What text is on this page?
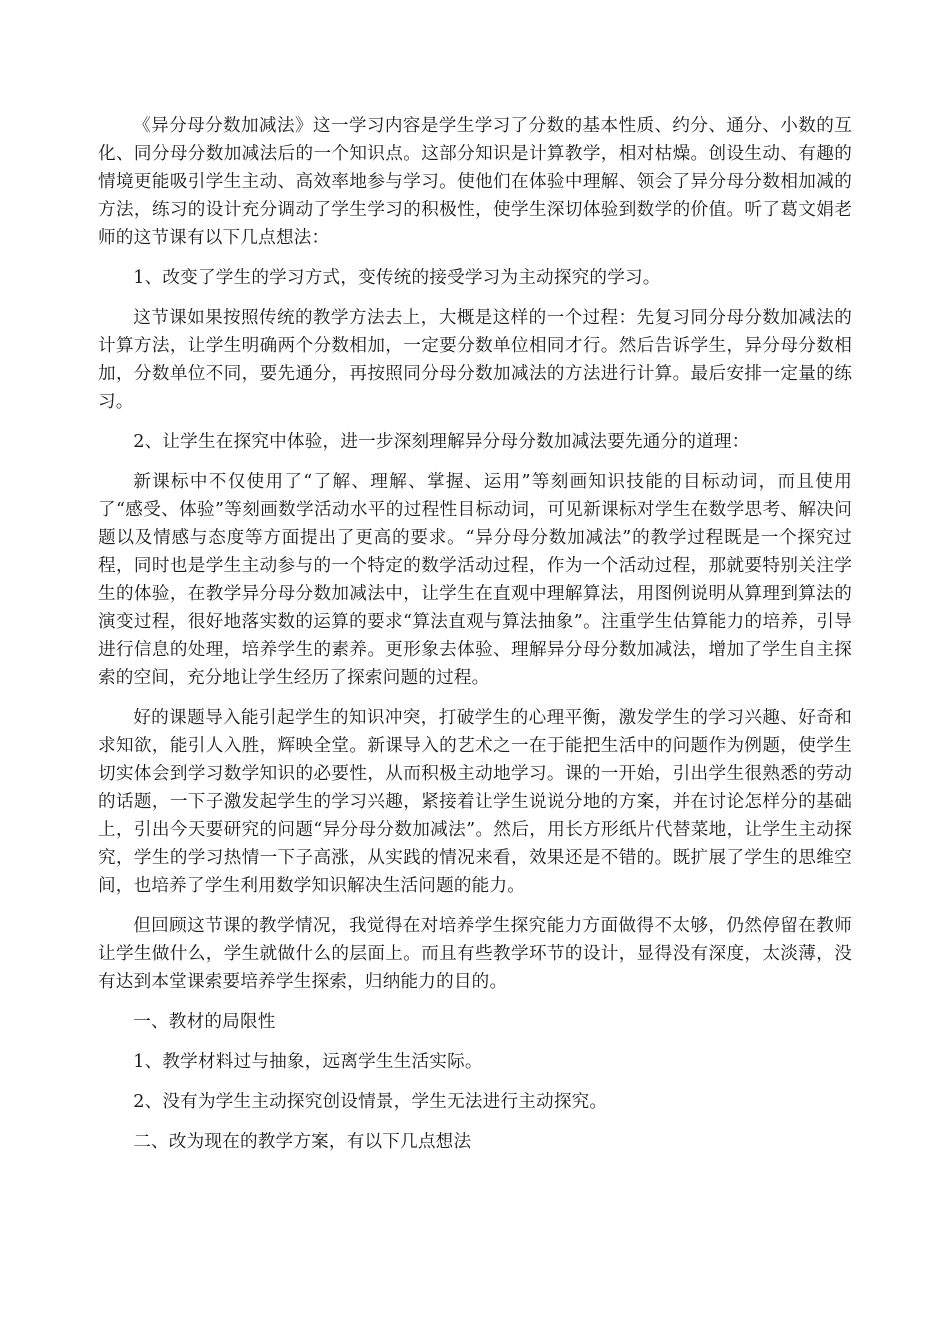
《异分母分数加减法》这一学习内容是学生学习了分数的基本性质、约分、通分、小数的互化、同分母分数加减法后的一个知识点。这部分知识是计算教学，相对枯燥。创设生动、有趣的情境更能吸引学生主动、高效率地参与学习。使他们在体验中理解、领会了异分母分数相加减的方法，练习的设计充分调动了学生学习的积极性，使学生深切体验到数学的价值。听了葛文娟老师的这节课有以下几点想法：

1、改变了学生的学习方式，变传统的接受学习为主动探究的学习。

这节课如果按照传统的教学方法去上，大概是这样的一个过程：先复习同分母分数加减法的计算方法，让学生明确两个分数相加，一定要分数单位相同才行。然后告诉学生，异分母分数相加，分数单位不同，要先通分，再按照同分母分数加减法的方法进行计算。最后安排一定量的练习。

2、让学生在探究中体验，进一步深刻理解异分母分数加减法要先通分的道理：

新课标中不仅使用了“了解、理解、掌握、运用”等刻画知识技能的目标动词，而且使用了“感受、体验”等刻画数学活动水平的过程性目标动词，可见新课标对学生在数学思考、解决问题以及情感与态度等方面提出了更高的要求。“异分母分数加减法”的教学过程既是一个探究过程，同时也是学生主动参与的一个特定的数学活动过程，作为一个活动过程，那就要特别关注学生的体验，在教学异分母分数加减法中，让学生在直观中理解算法，用图例说明从算理到算法的演变过程，很好地落实数的运算的要求“算法直观与算法抽象”。注重学生估算能力的培养，引导进行信息的处理，培养学生的素养。更形象去体验、理解异分母分数加减法，增加了学生自主探索的空间，充分地让学生经历了探索问题的过程。

好的课题导入能引起学生的知识冲突，打破学生的心理平衡，激发学生的学习兴趣、好奇和求知欲，能引人入胜，辉映全堂。新课导入的艺术之一在于能把生活中的问题作为例题，使学生切实体会到学习数学知识的必要性，从而积极主动地学习。课的一开始，引出学生很熟悉的劳动的话题，一下子激发起学生的学习兴趣，紧接着让学生说说分地的方案，并在讨论怎样分的基础上，引出今天要研究的问题“异分母分数加减法”。然后，用长方形纸片代替菜地，让学生主动探究，学生的学习热情一下子高涨，从实践的情况来看，效果还是不错的。既扩展了学生的思维空间，也培养了学生利用数学知识解决生活问题的能力。

但回顾这节课的教学情况，我觉得在对培养学生探究能力方面做得不太够，仍然停留在教师让学生做什么，学生就做什么的层面上。而且有些教学环节的设计，显得没有深度，太淡薄，没有达到本堂课索要培养学生探索，归纳能力的目的。

一、教材的局限性

1、教学材料过与抽象，远离学生生活实际。

2、没有为学生主动探究创设情景，学生无法进行主动探究。

二、改为现在的教学方案，有以下几点想法
